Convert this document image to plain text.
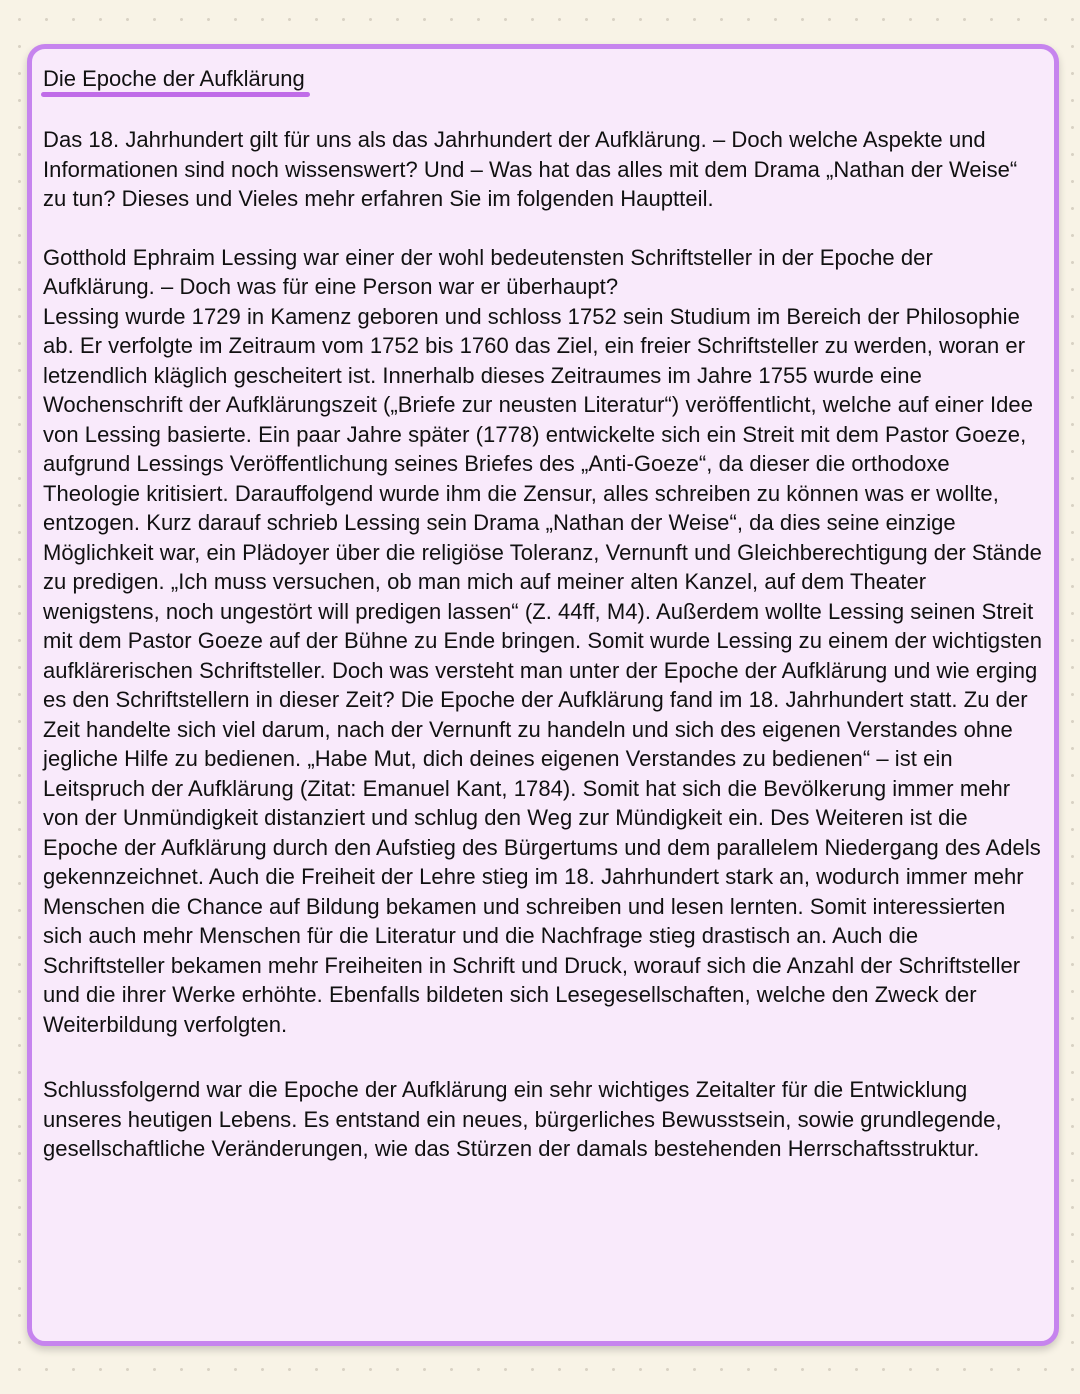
Die Epoche der Aufklärung

Das 18. Jahrhundert gilt für uns als das Jahrhundert der Aufklärung. – Doch welche Aspekte und Informationen sind noch wissenswert? Und – Was hat das alles mit dem Drama „Nathan der Weise“ zu tun? Dieses und Vieles mehr erfahren Sie im folgenden Hauptteil.

Gotthold Ephraim Lessing war einer der wohl bedeutensten Schriftsteller in der Epoche der Aufklärung. – Doch was für eine Person war er überhaupt?

Lessing wurde 1729 in Kamenz geboren und schloss 1752 sein Studium im Bereich der Philosophie ab. Er verfolgte im Zeitraum vom 1752 bis 1760 das Ziel, ein freier Schriftsteller zu werden, woran er letzendlich kläglich gescheitert ist. Innerhalb dieses Zeitraumes im Jahre 1755 wurde eine Wochenschrift der Aufklärungszeit („Briefe zur neusten Literatur“) veröffentlicht, welche auf einer Idee von Lessing basierte. Ein paar Jahre später (1778) entwickelte sich ein Streit mit dem Pastor Goeze, aufgrund Lessings Veröffentlichung seines Briefes des „Anti-Goeze“, da dieser die orthodoxe Theologie kritisiert. Darauffolgend wurde ihm die Zensur, alles schreiben zu können was er wollte, entzogen. Kurz darauf schrieb Lessing sein Drama „Nathan der Weise“, da dies seine einzige Möglichkeit war, ein Plädoyer über die religiöse Toleranz, Vernunft und Gleichberechtigung der Stände zu predigen. „Ich muss versuchen, ob man mich auf meiner alten Kanzel, auf dem Theater wenigstens, noch ungestört will predigen lassen“ (Z. 44ff, M4). Außerdem wollte Lessing seinen Streit mit dem Pastor Goeze auf der Bühne zu Ende bringen. Somit wurde Lessing zu einem der wichtigsten aufklärerischen Schriftsteller. Doch was versteht man unter der Epoche der Aufklärung und wie erging es den Schriftstellern in dieser Zeit? Die Epoche der Aufklärung fand im 18. Jahrhundert statt. Zu der Zeit handelte sich viel darum, nach der Vernunft zu handeln und sich des eigenen Verstandes ohne jegliche Hilfe zu bedienen. „Habe Mut, dich deines eigenen Verstandes zu bedienen“ – ist ein Leitspruch der Aufklärung (Zitat: Emanuel Kant, 1784). Somit hat sich die Bevölkerung immer mehr von der Unmündigkeit distanziert und schlug den Weg zur Mündigkeit ein. Des Weiteren ist die Epoche der Aufklärung durch den Aufstieg des Bürgertums und dem parallelem Niedergang des Adels gekennzeichnet. Auch die Freiheit der Lehre stieg im 18. Jahrhundert stark an, wodurch immer mehr Menschen die Chance auf Bildung bekamen und schreiben und lesen lernten. Somit interessierten sich auch mehr Menschen für die Literatur und die Nachfrage stieg drastisch an. Auch die Schriftsteller bekamen mehr Freiheiten in Schrift und Druck, worauf sich die Anzahl der Schriftsteller und die ihrer Werke erhöhte. Ebenfalls bildeten sich Lesegesellschaften, welche den Zweck der Weiterbildung verfolgten.

Schlussfolgernd war die Epoche der Aufklärung ein sehr wichtiges Zeitalter für die Entwicklung unseres heutigen Lebens. Es entstand ein neues, bürgerliches Bewusstsein, sowie grundlegende, gesellschaftliche Veränderungen, wie das Stürzen der damals bestehenden Herrschaftsstruktur.
